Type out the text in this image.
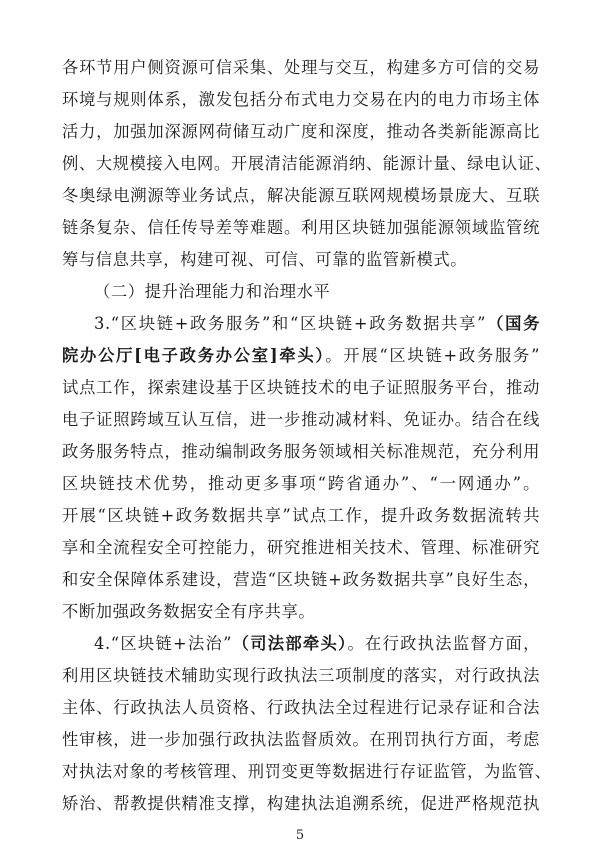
各环节用户侧资源可信采集、处理与交互，构建多方可信的交易
环境与规则体系，激发包括分布式电力交易在内的电力市场主体
活力，加强加深源网荷储互动广度和深度，推动各类新能源高比
例、大规模接入电网。开展清洁能源消纳、能源计量、绿电认证、
冬奥绿电溯源等业务试点，解决能源互联网规模场景庞大、互联
链条复杂、信任传导差等难题。利用区块链加强能源领域监管统
筹与信息共享，构建可视、可信、可靠的监管新模式。
（二）提升治理能力和治理水平
3.“区块链+政务服务”和“区块链+政务数据共享”（国务
院办公厅[电子政务办公室]牵头）。开展“区块链+政务服务”
试点工作，探索建设基于区块链技术的电子证照服务平台，推动
电子证照跨域互认互信，进一步推动减材料、免证办。结合在线
政务服务特点，推动编制政务服务领域相关标准规范，充分利用
区块链技术优势，推动更多事项“跨省通办”、“一网通办”。
开展“区块链+政务数据共享”试点工作，提升政务数据流转共
享和全流程安全可控能力，研究推进相关技术、管理、标准研究
和安全保障体系建设，营造“区块链+政务数据共享”良好生态，
不断加强政务数据安全有序共享。
4.“区块链+法治”（司法部牵头）。在行政执法监督方面，
利用区块链技术辅助实现行政执法三项制度的落实，对行政执法
主体、行政执法人员资格、行政执法全过程进行记录存证和合法
性审核，进一步加强行政执法监督质效。在刑罚执行方面，考虑
对执法对象的考核管理、刑罚变更等数据进行存证监管，为监管、
矫治、帮教提供精准支撑，构建执法追溯系统，促进严格规范执
5
